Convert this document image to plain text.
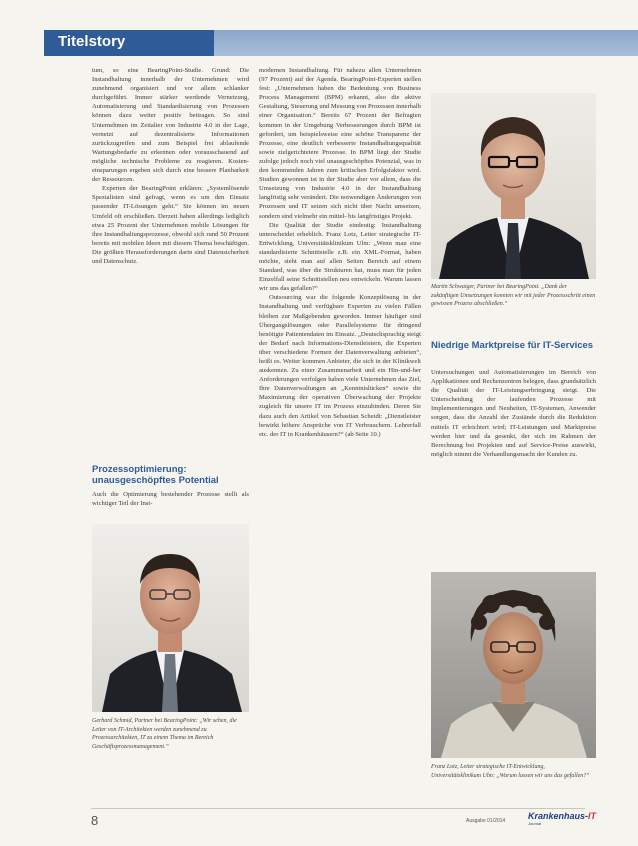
Titelstory

tum, so eine BearingPoint-Studie. Grund: Die Instandhaltung innerhalb der Unternehmen wird zunehmend organisiert und vor allem schlanker durchgeführt. Immer stärker werdende Vernetzung, Automatisierung und Standardisierung von Prozessen können dazu weiter positiv beitragen. So sind Unternehmen im Zeitalter von Industrie 4.0 in der Lage, vernetzt auf dezentralisierte Informationen zurückzugreifen und zum Beispiel frei ablaufende Wartungsbedarfe zu erkennen oder vorausschauend auf mögliche technische Probleme zu reagieren. Kosten-einsparungen ergeben sich durch eine bessere Planbarkeit der Ressourcen.

Experten der BearingPoint erklären: „Systemlösende Spezialisten sind gefragt, wenn es um den Einsatz passender IT-Lösungen geht.“ Sie können im neuen Umfeld oft erschließen. Derzeit haben allerdings lediglich etwa 25 Prozent der Unternehmen mobile Lösungen für ihre Instandhaltungsprozesse, obwohl sich rund 50 Prozent bereits mit mobilen Ideen mit diesem Thema beschäftigen. Die größten Herausforderungen darin sind Datensicherheit und Datenschutz.

Prozessoptimierung: unausgeschöpftes Potential

Auch die Optimierung bestehender Prozesse stellt als wichtiger Teil der Inst-

Gerhard Schmid, Partner bei BearingPoint: „Wir sehen, die Leiter von IT-Architekten werden zunehmend zu Prozessarchitekten, IT zu einem Thema im Bereich Geschäftsprozessmanagement.“

modernen Instandhaltung. Für nahezu allen Unternehmen (97 Prozent) auf der Agenda. BearingPoint-Experten stellen fest: „Unternehmen haben die Bedeutung von Business Process Management (BPM) erkannt, also die aktive Gestaltung, Steuerung und Messung von Prozessen innerhalb einer Organisation.“ Bereits 67 Prozent der Befragten kommen in der Umgebung Verbesserungen durch BPM ist gefordert, um beispielsweise eine schöne Transparenz der Prozesse, eine deutlich verbesserte Instandhaltungsqualität sowie zielgerichtetere Prozesse. In BPM liegt der Studie zufolge jedoch noch viel unausgeschöpftes Potenzial, was in den kommenden Jahren zum kritischen Erfolgsfaktor wird. Studien gewonnen ist in der Studie aber vor allem, dass die Umsetzung von Industrie 4.0 in der Instandhaltung langfristig sehr verändert. Die notwendigen Änderungen von Prozessen und IT setzen sich nicht über Nacht umsetzen, sondern sind vielmehr ein mittel- bis langfristiges Projekt.

Die Qualität der Studie eindeutig: Instandhaltung unterscheidet erheblich. Franz Lotz, Leiter strategische IT-Entwicklung, Universitätsklinikum Ulm: „Wenn man eine standardisierte Schnittstelle z.B. ein XML-Format, haben möchte, steht man auf allen Seiten Bereich auf einem Standard, was über die Strukturen hat, muss man für jeden Einzelfall seine Schnittstellen neu entwickeln. Warum lassen wir uns das gefallen?“

Outsourcing war die folgende Konzeptlösung in der Instandhaltung und verfügbare Experten zu vielen Fällen bleiben zur Maßgebenden geworden. Immer häufiger sind Übergangslösungen oder Parallelsysteme für dringend benötigte Patientendaten im Einsatz. „Deutschsprachig steigt der Bedarf nach Informations-Dienstleistern, die Experten über verschiedene Formen der Datenverwaltung anbieten“, heißt es. Weiter kommen Anbieter, die sich in der Klinikwelt auskennen. Zu einer Zusammenarbeit und ein Hin-und-her Anforderungen verfolgen haben viele Unternehmen das Ziel, Ihre Datenverwaltungen an „Kenntnislücken“ sowie die Maximierung der operativen Überwachung der Projekte zugleich für unsere IT im Prozess einzubinden. Deren Sie dazu auch den Artikel von Sebastian Scheidt: „Dienstleister bewirkt höhere Ansprüche von IT Verbrauchern. Lehrerfall etc. der IT in Krankenhäusern?“ (ab Seite 10.)

Martin Schwaiger, Partner bei BearingPoint. „Dank der zukünftigen Umsetzungen konnten wir mit jeder Prozessschritt einen gewissen Prozess abschließen.“
Niedrige Marktpreise für IT-Services

Untersuchungen und Automatisierungen im Bereich von Applikationen und Rechenzentren belegen, dass grundsätzlich die Qualität der IT-Leistungserbringung steigt. Die Unterscheidung der laufenden Prozesse mit Implementierungen und Neuheiten, IT-Systemen, Anwender sorgen, dass die Anzahl der Zustände durch die Reduktion mittels IT erleichtert wird; IT-Leistungen und Marktpreise werden hier und da gesenkt, der sich im Rahmen der Berechnung bei Projekten und auf Service-Preise auswirkt, möglich nimmt die Verhandlungsmacht der Kunden zu.

Franz Lotz, Leiter strategische IT-Entwicklung, Universitätsklinikum Ulm: „Warum lassen wir uns das gefallen?“
8	Ausgabe 01/2014	Krankenhaus-IT
Journal
